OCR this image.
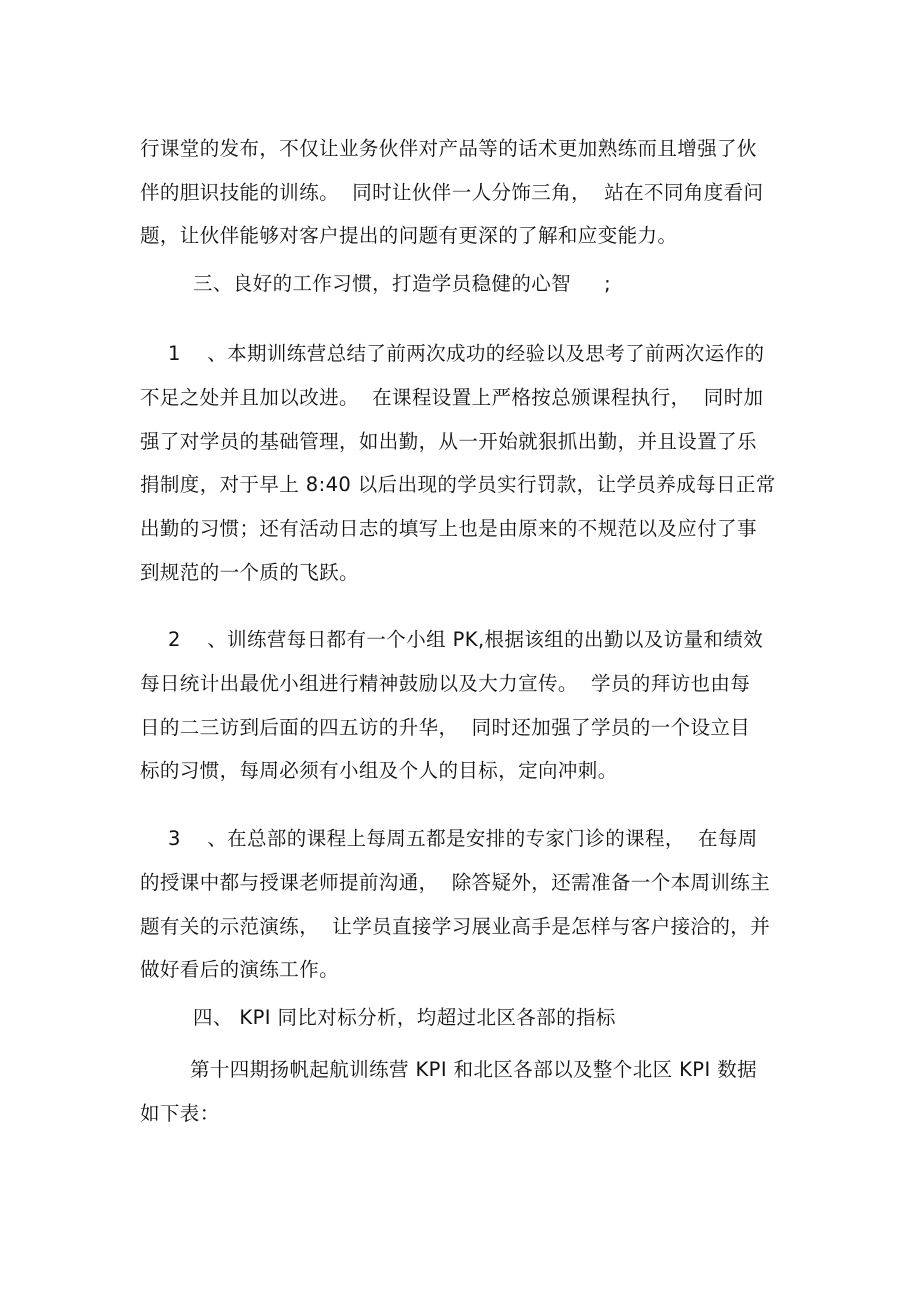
行课堂的发布，不仅让业务伙伴对产品等的话术更加熟练而且增强了伙
伴的胆识技能的训练。  同时让伙伴一人分饰三角，  站在不同角度看问
题，让伙伴能够对客户提出的问题有更深的了解和应变能力。
三、良好的工作习惯，打造学员稳健的心智     ;
1    、本期训练营总结了前两次成功的经验以及思考了前两次运作的
不足之处并且加以改进。  在课程设置上严格按总颁课程执行，  同时加
强了对学员的基础管理，如出勤，从一开始就狠抓出勤，并且设置了乐
捐制度，对于早上 8:40 以后出现的学员实行罚款，让学员养成每日正常
出勤的习惯；还有活动日志的填写上也是由原来的不规范以及应付了事
到规范的一个质的飞跃。
2    、训练营每日都有一个小组 PK,根据该组的出勤以及访量和绩效
每日统计出最优小组进行精神鼓励以及大力宣传。  学员的拜访也由每
日的二三访到后面的四五访的升华，  同时还加强了学员的一个设立目
标的习惯，每周必须有小组及个人的目标，定向冲刺。
3    、在总部的课程上每周五都是安排的专家门诊的课程，  在每周
的授课中都与授课老师提前沟通，  除答疑外，还需准备一个本周训练主
题有关的示范演练，  让学员直接学习展业高手是怎样与客户接洽的，并
做好看后的演练工作。
四、 KPI 同比对标分析，均超过北区各部的指标
第十四期扬帆起航训练营 KPI 和北区各部以及整个北区 KPI 数据
如下表：
